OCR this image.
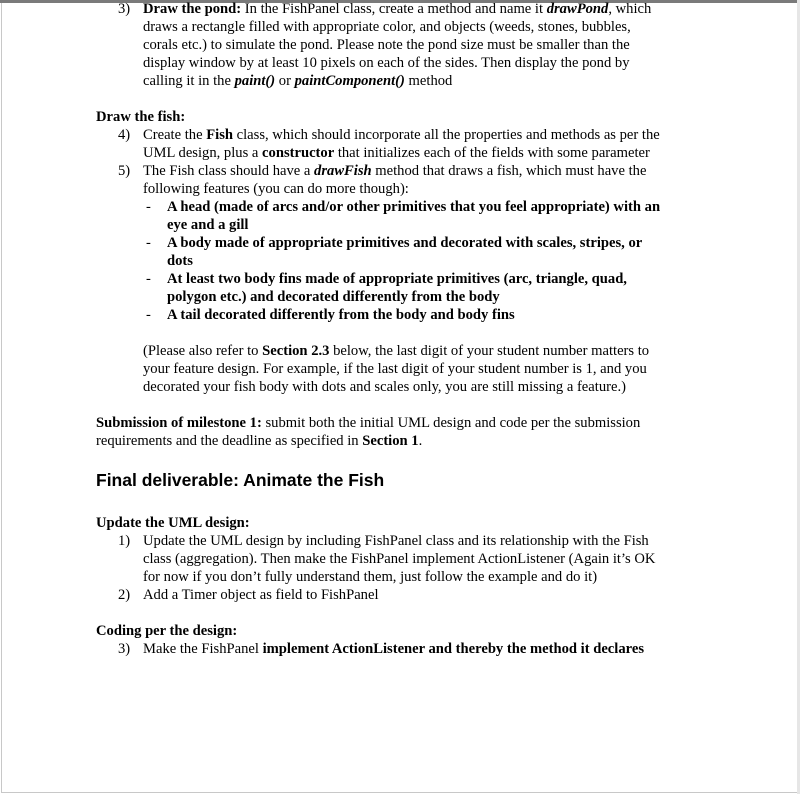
3) Draw the pond: In the FishPanel class, create a method and name it drawPond, which
draws a rectangle filled with appropriate color, and objects (weeds, stones, bubbles,
corals etc.) to simulate the pond. Please note the pond size must be smaller than the
display window by at least 10 pixels on each of the sides. Then display the pond by
calling it in the paint() or paintComponent() method
Draw the fish:
4) Create the Fish class, which should incorporate all the properties and methods as per the
UML design, plus a constructor that initializes each of the fields with some parameter
5) The Fish class should have a drawFish method that draws a fish, which must have the
following features (you can do more though):
- A head (made of arcs and/or other primitives that you feel appropriate) with an
eye and a gill
- A body made of appropriate primitives and decorated with scales, stripes, or
dots
- At least two body fins made of appropriate primitives (arc, triangle, quad,
polygon etc.) and decorated differently from the body
- A tail decorated differently from the body and body fins
(Please also refer to Section 2.3 below, the last digit of your student number matters to
your feature design. For example, if the last digit of your student number is 1, and you
decorated your fish body with dots and scales only, you are still missing a feature.)
Submission of milestone 1: submit both the initial UML design and code per the submission
requirements and the deadline as specified in Section 1.
Final deliverable: Animate the Fish
Update the UML design:
1) Update the UML design by including FishPanel class and its relationship with the Fish
class (aggregation). Then make the FishPanel implement ActionListener (Again it’s OK
for now if you don’t fully understand them, just follow the example and do it)
2) Add a Timer object as field to FishPanel
Coding per the design:
3) Make the FishPanel implement ActionListener and thereby the method it declares
